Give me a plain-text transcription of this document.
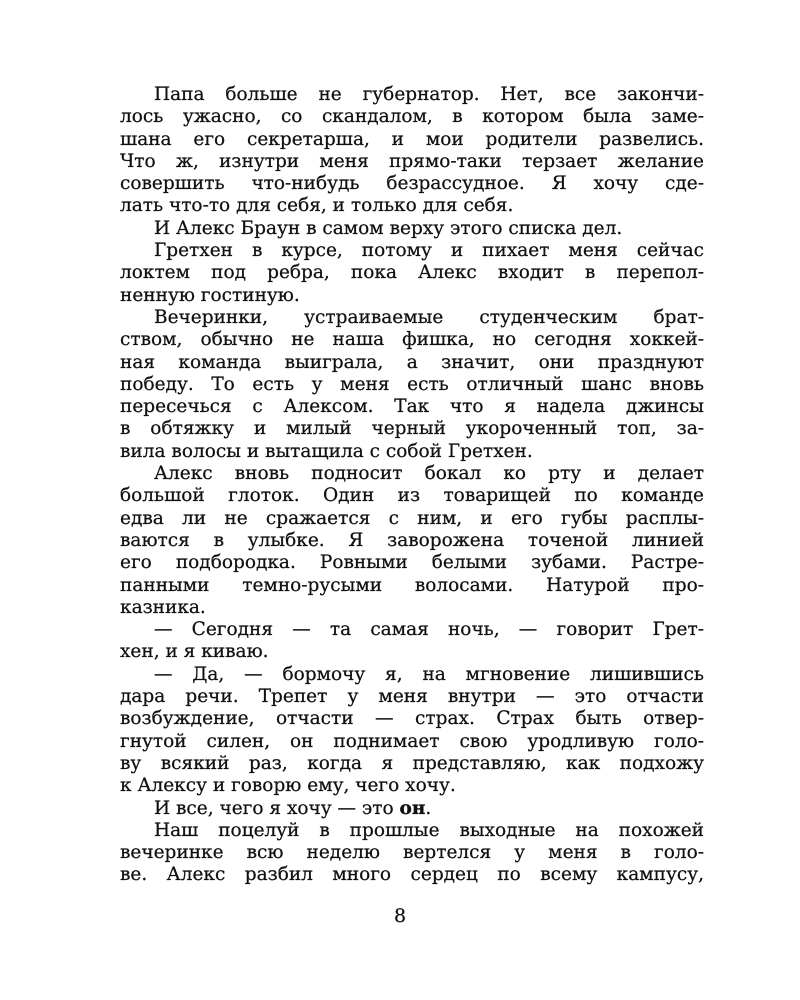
Папа больше не губернатор. Нет, все закончи-
лось ужасно, со скандалом, в котором была заме-
шана его секретарша, и мои родители развелись.
Что ж, изнутри меня прямо-таки терзает желание
совершить что-нибудь безрассудное. Я хочу сде-
лать что-то для себя, и только для себя.
И Алекс Браун в самом верху этого списка дел.
Гретхен в курсе, потому и пихает меня сейчас
локтем под ребра, пока Алекс входит в перепол-
ненную гостиную.
Вечеринки, устраиваемые студенческим брат-
ством, обычно не наша фишка, но сегодня хоккей-
ная команда выиграла, а значит, они празднуют
победу. То есть у меня есть отличный шанс вновь
пересечься с Алексом. Так что я надела джинсы
в обтяжку и милый черный укороченный топ, за-
вила волосы и вытащила с собой Гретхен.
Алекс вновь подносит бокал ко рту и делает
большой глоток. Один из товарищей по команде
едва ли не сражается с ним, и его губы расплы-
ваются в улыбке. Я заворожена точеной линией
его подбородка. Ровными белыми зубами. Растре-
панными темно-русыми волосами. Натурой про-
казника.
— Сегодня — та самая ночь, — говорит Грет-
хен, и я киваю.
— Да, — бормочу я, на мгновение лишившись
дара речи. Трепет у меня внутри — это отчасти
возбуждение, отчасти — страх. Страх быть отвер-
гнутой силен, он поднимает свою уродливую голо-
ву всякий раз, когда я представляю, как подхожу
к Алексу и говорю ему, чего хочу.
И все, чего я хочу — это он.
Наш поцелуй в прошлые выходные на похожей
вечеринке всю неделю вертелся у меня в голо-
ве. Алекс разбил много сердец по всему кампусу,
8
